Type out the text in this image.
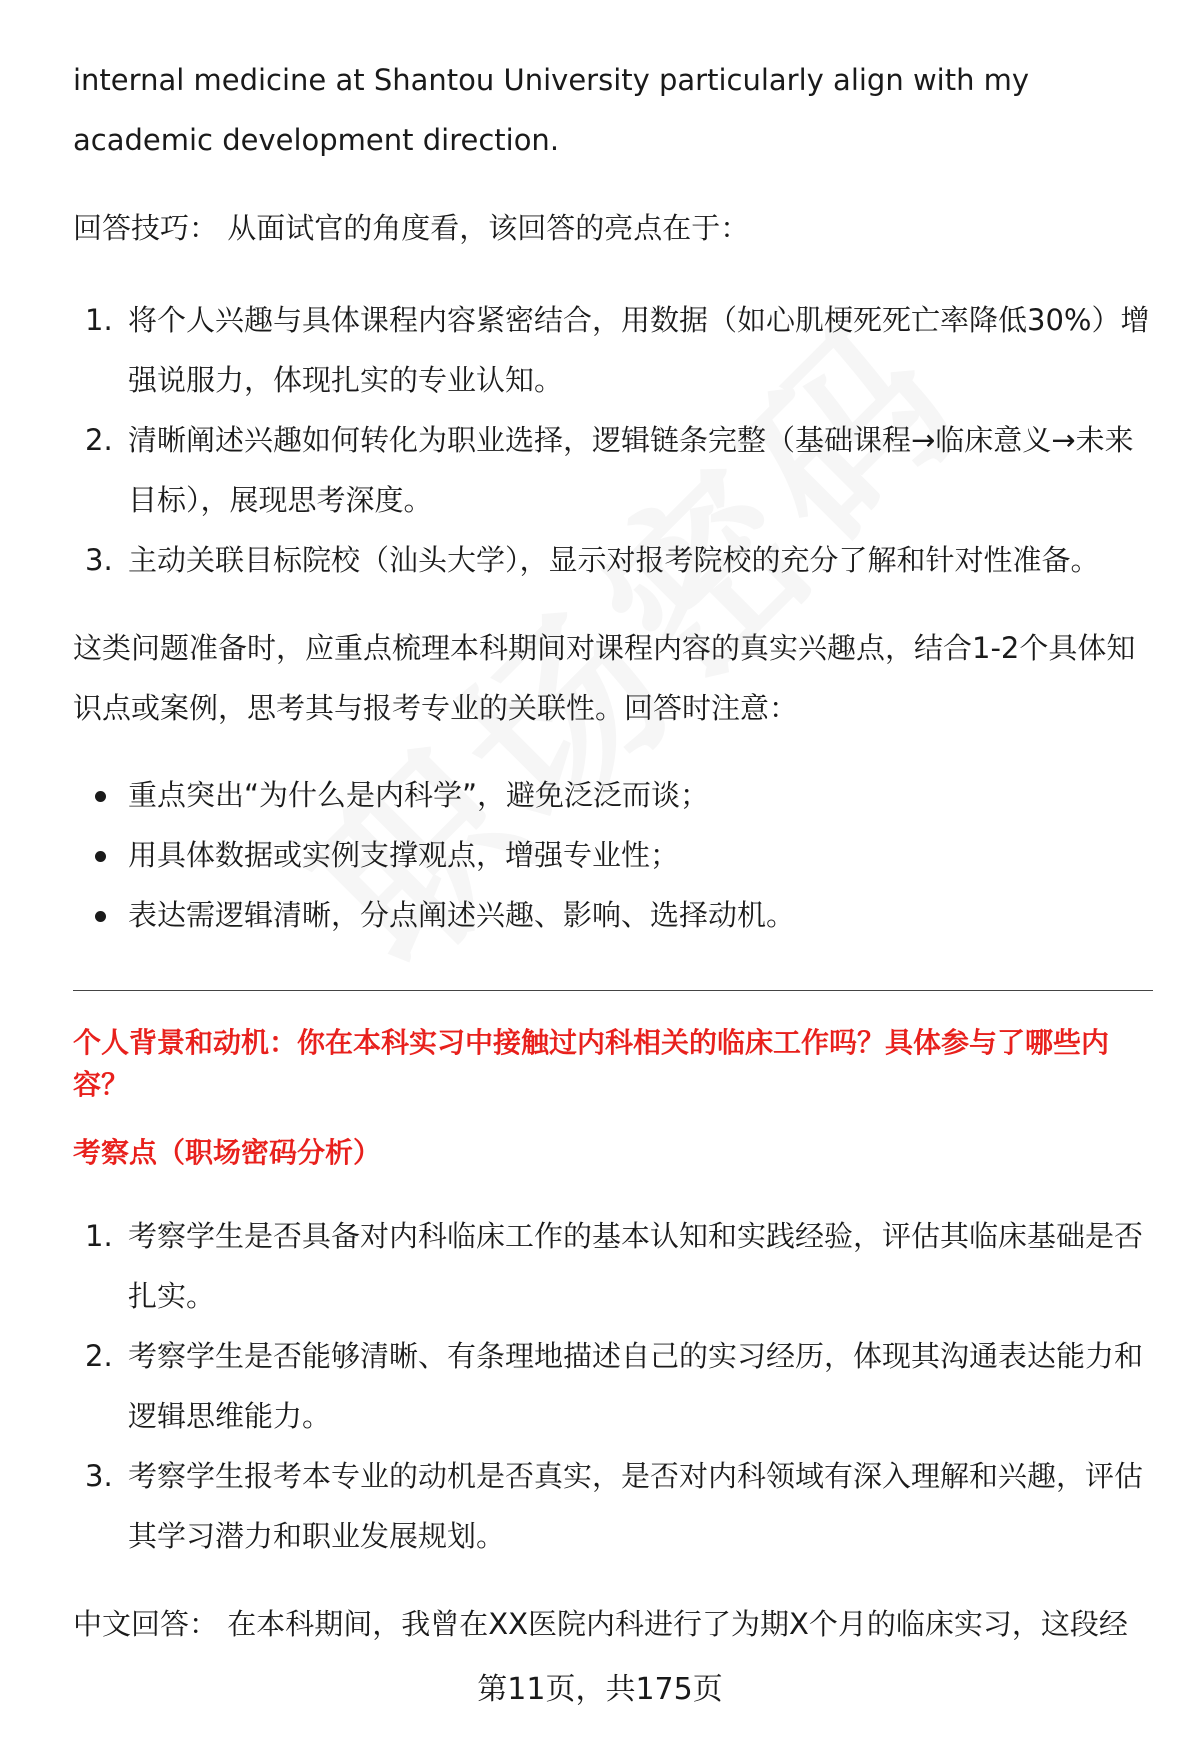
internal medicine at Shantou University particularly align with my academic development direction.

回答技巧： 从面试官的角度看，该回答的亮点在于：

1. 将个人兴趣与具体课程内容紧密结合，用数据（如心肌梗死死亡率降低30%）增强说服力，体现扎实的专业认知。
2. 清晰阐述兴趣如何转化为职业选择，逻辑链条完整（基础课程→临床意义→未来目标），展现思考深度。
3. 主动关联目标院校（汕头大学），显示对报考院校的充分了解和针对性准备。

这类问题准备时，应重点梳理本科期间对课程内容的真实兴趣点，结合1-2个具体知识点或案例，思考其与报考专业的关联性。回答时注意：

重点突出“为什么是内科学”，避免泛泛而谈；
用具体数据或实例支撑观点，增强专业性；
表达需逻辑清晰，分点阐述兴趣、影响、选择动机。
个人背景和动机：你在本科实习中接触过内科相关的临床工作吗？具体参与了哪些内容？
考察点（职场密码分析）
1. 考察学生是否具备对内科临床工作的基本认知和实践经验，评估其临床基础是否扎实。
2. 考察学生是否能够清晰、有条理地描述自己的实习经历，体现其沟通表达能力和逻辑思维能力。
3. 考察学生报考本专业的动机是否真实，是否对内科领域有深入理解和兴趣，评估其学习潜力和职业发展规划。

中文回答： 在本科期间，我曾在XX医院内科进行了为期X个月的临床实习，这段经

第11页，共175页
